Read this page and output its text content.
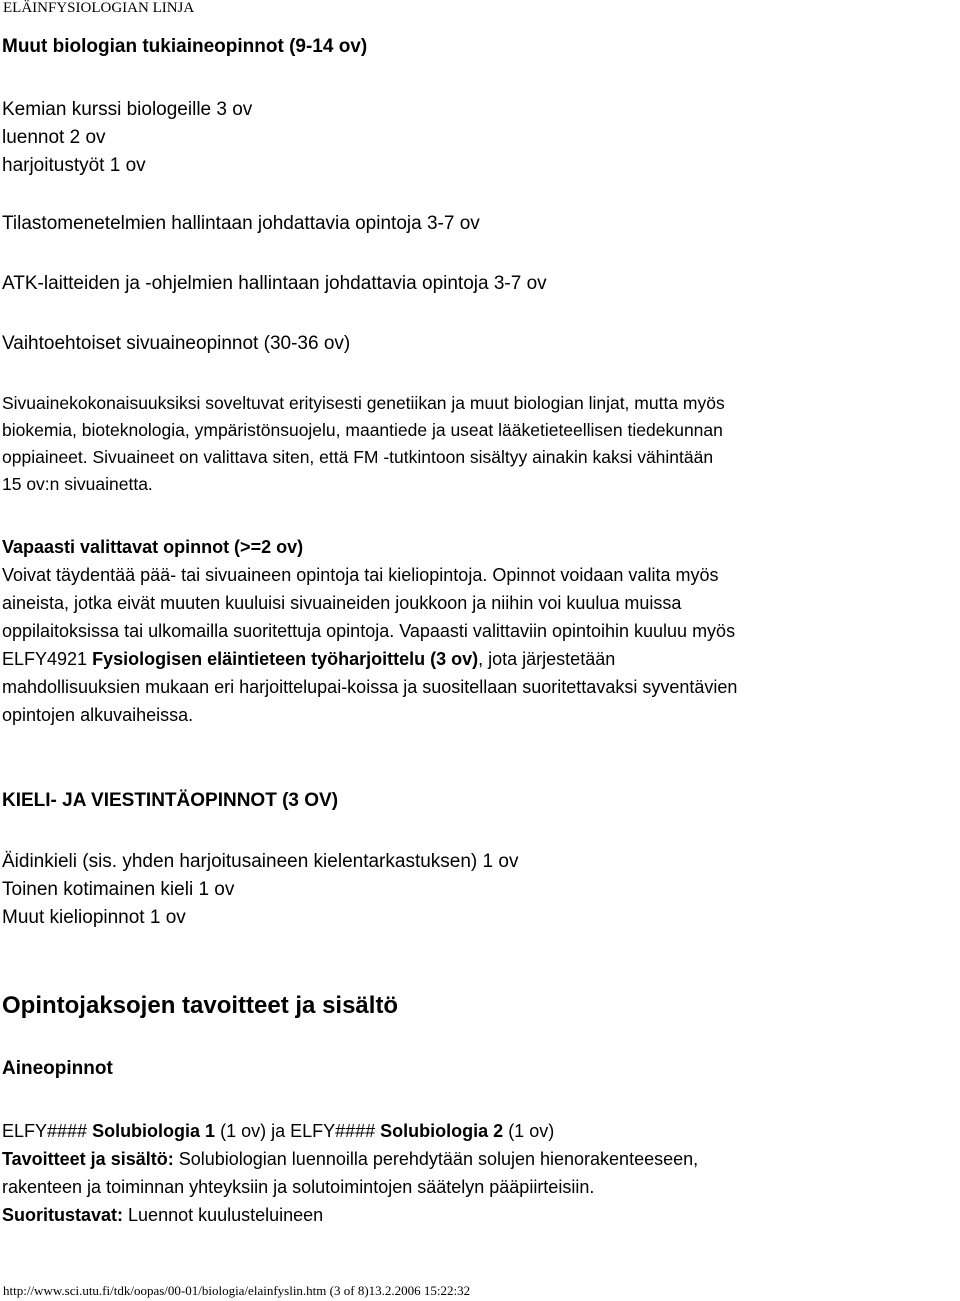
ELÄINFYSIOLOGIAN LINJA
Muut biologian tukiaineopinnot (9-14 ov)
Kemian kurssi biologeille 3 ov
luennot 2 ov
harjoitustyöt 1 ov
Tilastomenetelmien hallintaan johdattavia opintoja 3-7 ov
ATK-laitteiden ja -ohjelmien hallintaan johdattavia opintoja 3-7 ov
Vaihtoehtoiset sivuaineopinnot (30-36 ov)
Sivuainekokonaisuuksiksi soveltuvat erityisesti genetiikan ja muut biologian linjat, mutta myös
biokemia, bioteknologia, ympäristönsuojelu, maantiede ja useat lääketieteellisen tiedekunnan
oppiaineet. Sivuaineet on valittava siten, että FM -tutkintoon sisältyy ainakin kaksi vähintään
15 ov:n sivuainetta.
Vapaasti valittavat opinnot (>=2 ov)
Voivat täydentää pää- tai sivuaineen opintoja tai kieliopintoja. Opinnot voidaan valita myös
aineista, jotka eivät muuten kuuluisi sivuaineiden joukkoon ja niihin voi kuulua muissa
oppilaitoksissa tai ulkomailla suoritettuja opintoja. Vapaasti valittaviin opintoihin kuuluu myös
ELFY4921 Fysiologisen eläintieteen työharjoittelu (3 ov), jota järjestetään
mahdollisuuksien mukaan eri harjoittelupai-koissa ja suositellaan suoritettavaksi syventävien
opintojen alkuvaiheissa.
KIELI- JA VIESTINTÄOPINNOT (3 OV)
Äidinkieli (sis. yhden harjoitusaineen kielentarkastuksen) 1 ov
Toinen kotimainen kieli 1 ov
Muut kieliopinnot 1 ov
Opintojaksojen tavoitteet ja sisältö
Aineopinnot
ELFY#### Solubiologia 1 (1 ov) ja ELFY#### Solubiologia 2 (1 ov)
Tavoitteet ja sisältö: Solubiologian luennoilla perehdytään solujen hienorakenteeseen,
rakenteen ja toiminnan yhteyksiin ja solutoimintojen säätelyn pääpiirteisiin.
Suoritustavat: Luennot kuulusteluineen
http://www.sci.utu.fi/tdk/oopas/00-01/biologia/elainfyslin.htm (3 of 8)13.2.2006 15:22:32
